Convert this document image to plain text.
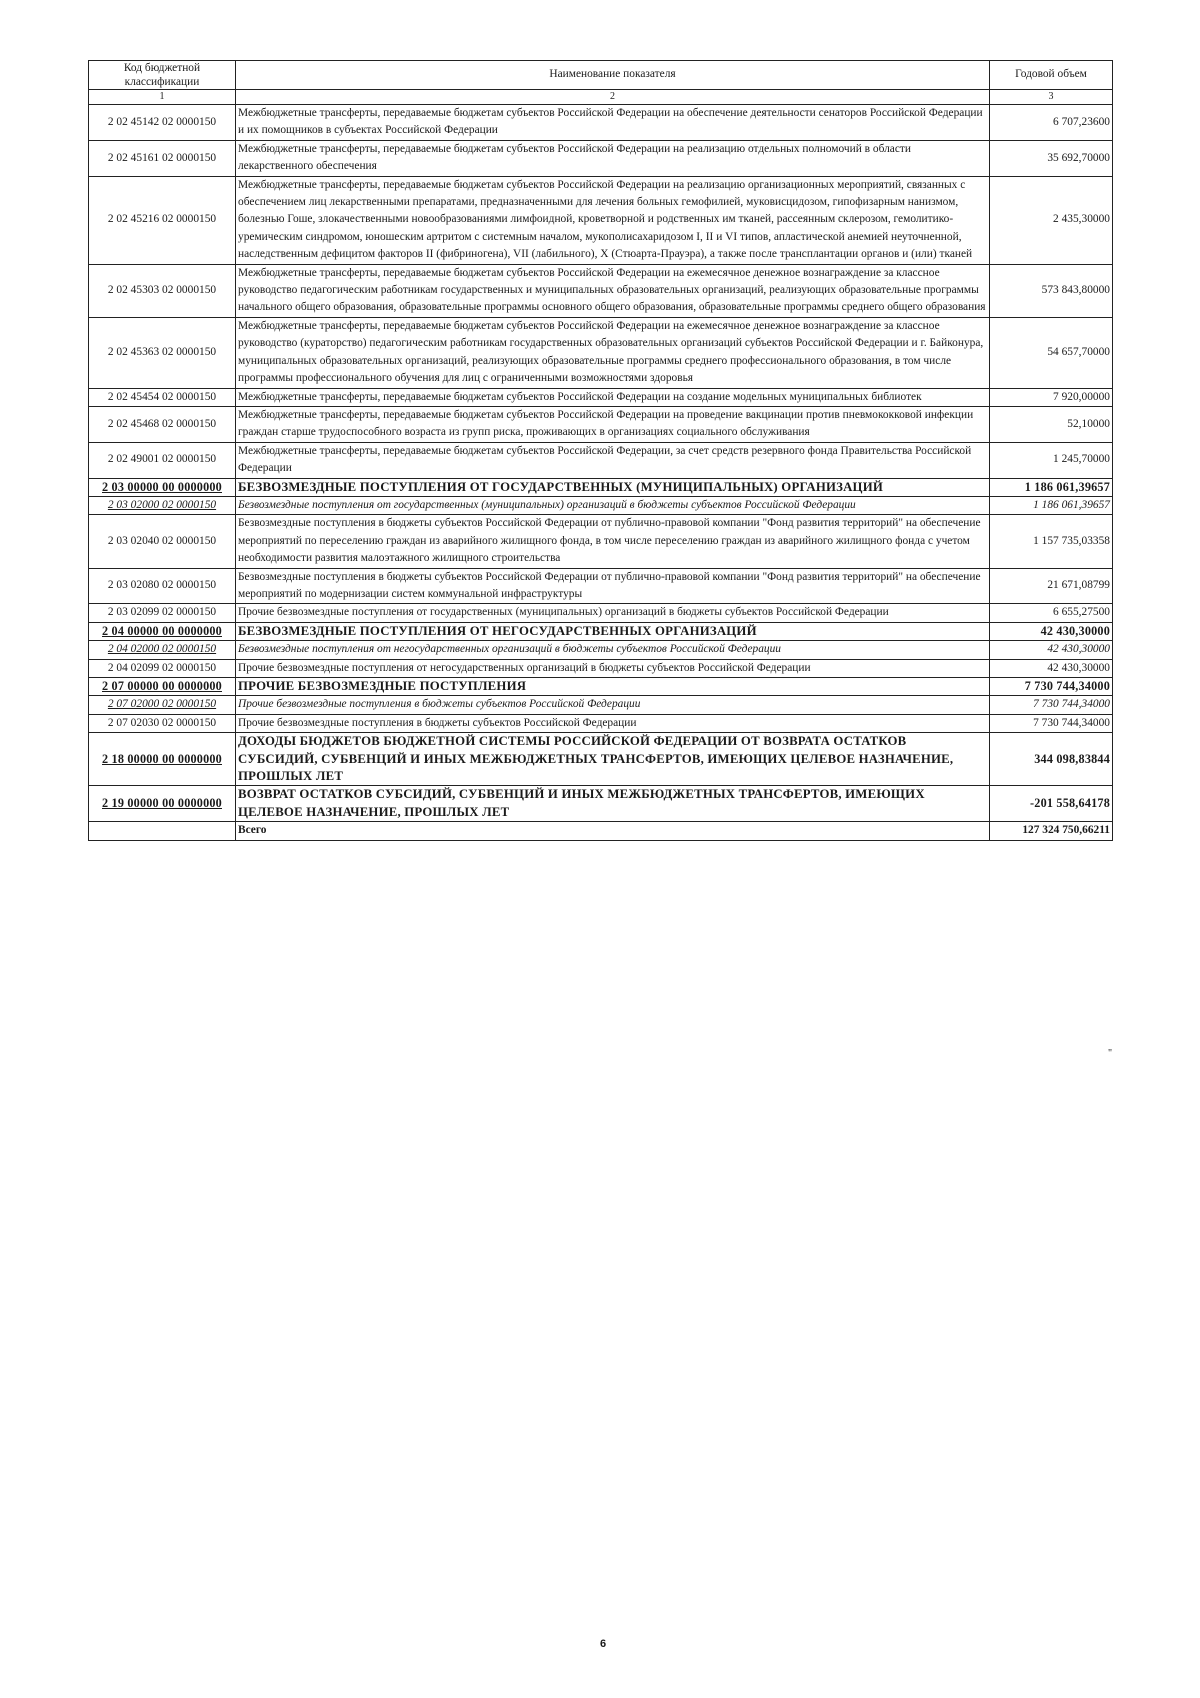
Код бюджетной классификации	Наименование показателя	Годовой объем
1	2	3
2 02 45142 02 0000150	Межбюджетные трансферты, передаваемые бюджетам субъектов Российской Федерации на обеспечение деятельности сенаторов Российской Федерации и их помощников в субъектах Российской Федерации	6 707,23600
2 02 45161 02 0000150	Межбюджетные трансферты, передаваемые бюджетам субъектов Российской Федерации на реализацию отдельных полномочий в области лекарственного обеспечения	35 692,70000
2 02 45216 02 0000150	Межбюджетные трансферты, передаваемые бюджетам субъектов Российской Федерации на реализацию организационных мероприятий, связанных с обеспечением лиц лекарственными препаратами, предназначенными для лечения больных гемофилией, муковисцидозом, гипофизарным нанизмом, болезнью Гоше, злокачественными новообразованиями лимфоидной, кроветворной и родственных им тканей, рассеянным склерозом, гемолитико-уремическим синдромом, юношеским артритом с системным началом, мукополисахаридозом I, II и VI типов, апластической анемией неуточненной, наследственным дефицитом факторов II (фибриногена), VII (лабильного), X (Стюарта-Прауэра), а также после трансплантации органов и (или) тканей	2 435,30000
2 02 45303 02 0000150	Межбюджетные трансферты, передаваемые бюджетам субъектов Российской Федерации на ежемесячное денежное вознаграждение за классное руководство педагогическим работникам государственных и муниципальных образовательных организаций, реализующих образовательные программы начального общего образования, образовательные программы основного общего образования, образовательные программы среднего общего образования	573 843,80000
2 02 45363 02 0000150	Межбюджетные трансферты, передаваемые бюджетам субъектов Российской Федерации на ежемесячное денежное вознаграждение за классное руководство (кураторство) педагогическим работникам государственных образовательных организаций субъектов Российской Федерации и г. Байконура, муниципальных образовательных организаций, реализующих образовательные программы среднего профессионального образования, в том числе программы профессионального обучения для лиц с ограниченными возможностями здоровья	54 657,70000
2 02 45454 02 0000150	Межбюджетные трансферты, передаваемые бюджетам субъектов Российской Федерации на создание модельных муниципальных библиотек	7 920,00000
2 02 45468 02 0000150	Межбюджетные трансферты, передаваемые бюджетам субъектов Российской Федерации на проведение вакцинации против пневмококковой инфекции граждан старше трудоспособного возраста из групп риска, проживающих в организациях социального обслуживания	52,10000
2 02 49001 02 0000150	Межбюджетные трансферты, передаваемые бюджетам субъектов Российской Федерации, за счет средств резервного фонда Правительства Российской Федерации	1 245,70000
2 03 00000 00 0000000	БЕЗВОЗМЕЗДНЫЕ ПОСТУПЛЕНИЯ ОТ ГОСУДАРСТВЕННЫХ (МУНИЦИПАЛЬНЫХ) ОРГАНИЗАЦИЙ	1 186 061,39657
2 03 02000 02 0000150	Безвозмездные поступления от государственных (муниципальных) организаций в бюджеты субъектов Российской Федерации	1 186 061,39657
2 03 02040 02 0000150	Безвозмездные поступления в бюджеты субъектов Российской Федерации от публично-правовой компании "Фонд развития территорий" на обеспечение мероприятий по переселению граждан из аварийного жилищного фонда, в том числе переселению граждан из аварийного жилищного фонда с учетом необходимости развития малоэтажного жилищного строительства	1 157 735,03358
2 03 02080 02 0000150	Безвозмездные поступления в бюджеты субъектов Российской Федерации от публично-правовой компании "Фонд развития территорий" на обеспечение мероприятий по модернизации систем коммунальной инфраструктуры	21 671,08799
2 03 02099 02 0000150	Прочие безвозмездные поступления от государственных (муниципальных) организаций в бюджеты субъектов Российской Федерации	6 655,27500
2 04 00000 00 0000000	БЕЗВОЗМЕЗДНЫЕ ПОСТУПЛЕНИЯ ОТ НЕГОСУДАРСТВЕННЫХ ОРГАНИЗАЦИЙ	42 430,30000
2 04 02000 02 0000150	Безвозмездные поступления от негосударственных организаций в бюджеты субъектов Российской Федерации	42 430,30000
2 04 02099 02 0000150	Прочие безвозмездные поступления от негосударственных организаций в бюджеты субъектов Российской Федерации	42 430,30000
2 07 00000 00 0000000	ПРОЧИЕ БЕЗВОЗМЕЗДНЫЕ ПОСТУПЛЕНИЯ	7 730 744,34000
2 07 02000 02 0000150	Прочие безвозмездные поступления в бюджеты субъектов Российской Федерации	7 730 744,34000
2 07 02030 02 0000150	Прочие безвозмездные поступления в бюджеты субъектов Российской Федерации	7 730 744,34000
2 18 00000 00 0000000	ДОХОДЫ БЮДЖЕТОВ БЮДЖЕТНОЙ СИСТЕМЫ РОССИЙСКОЙ ФЕДЕРАЦИИ ОТ ВОЗВРАТА ОСТАТКОВ СУБСИДИЙ, СУБВЕНЦИЙ И ИНЫХ МЕЖБЮДЖЕТНЫХ ТРАНСФЕРТОВ, ИМЕЮЩИХ ЦЕЛЕВОЕ НАЗНАЧЕНИЕ, ПРОШЛЫХ ЛЕТ	344 098,83844
2 19 00000 00 0000000	ВОЗВРАТ ОСТАТКОВ СУБСИДИЙ, СУБВЕНЦИЙ И ИНЫХ МЕЖБЮДЖЕТНЫХ ТРАНСФЕРТОВ, ИМЕЮЩИХ ЦЕЛЕВОЕ НАЗНАЧЕНИЕ, ПРОШЛЫХ ЛЕТ	-201 558,64178
	Всего	127 324 750,66211
"
6
